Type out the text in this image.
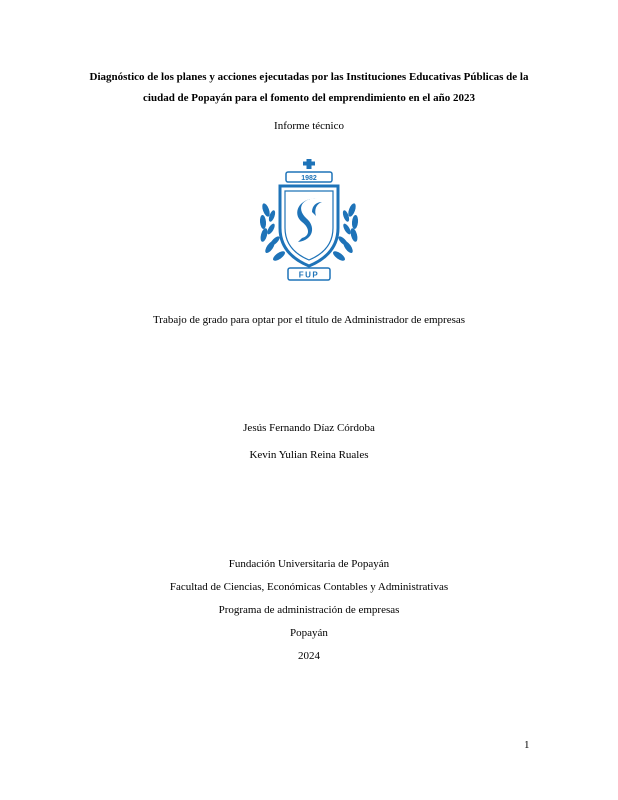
Diagnóstico de los planes y acciones ejecutadas por las Instituciones Educativas Públicas de la
ciudad de Popayán para el fomento del emprendimiento en el año 2023
Informe técnico
1982
FUP
Trabajo de grado para optar por el título de Administrador de empresas
Jesús Fernando Díaz Córdoba
Kevin Yulian Reina Ruales
Fundación Universitaria de Popayán
Facultad de Ciencias, Económicas Contables y Administrativas
Programa de administración de empresas
Popayán
2024
1
